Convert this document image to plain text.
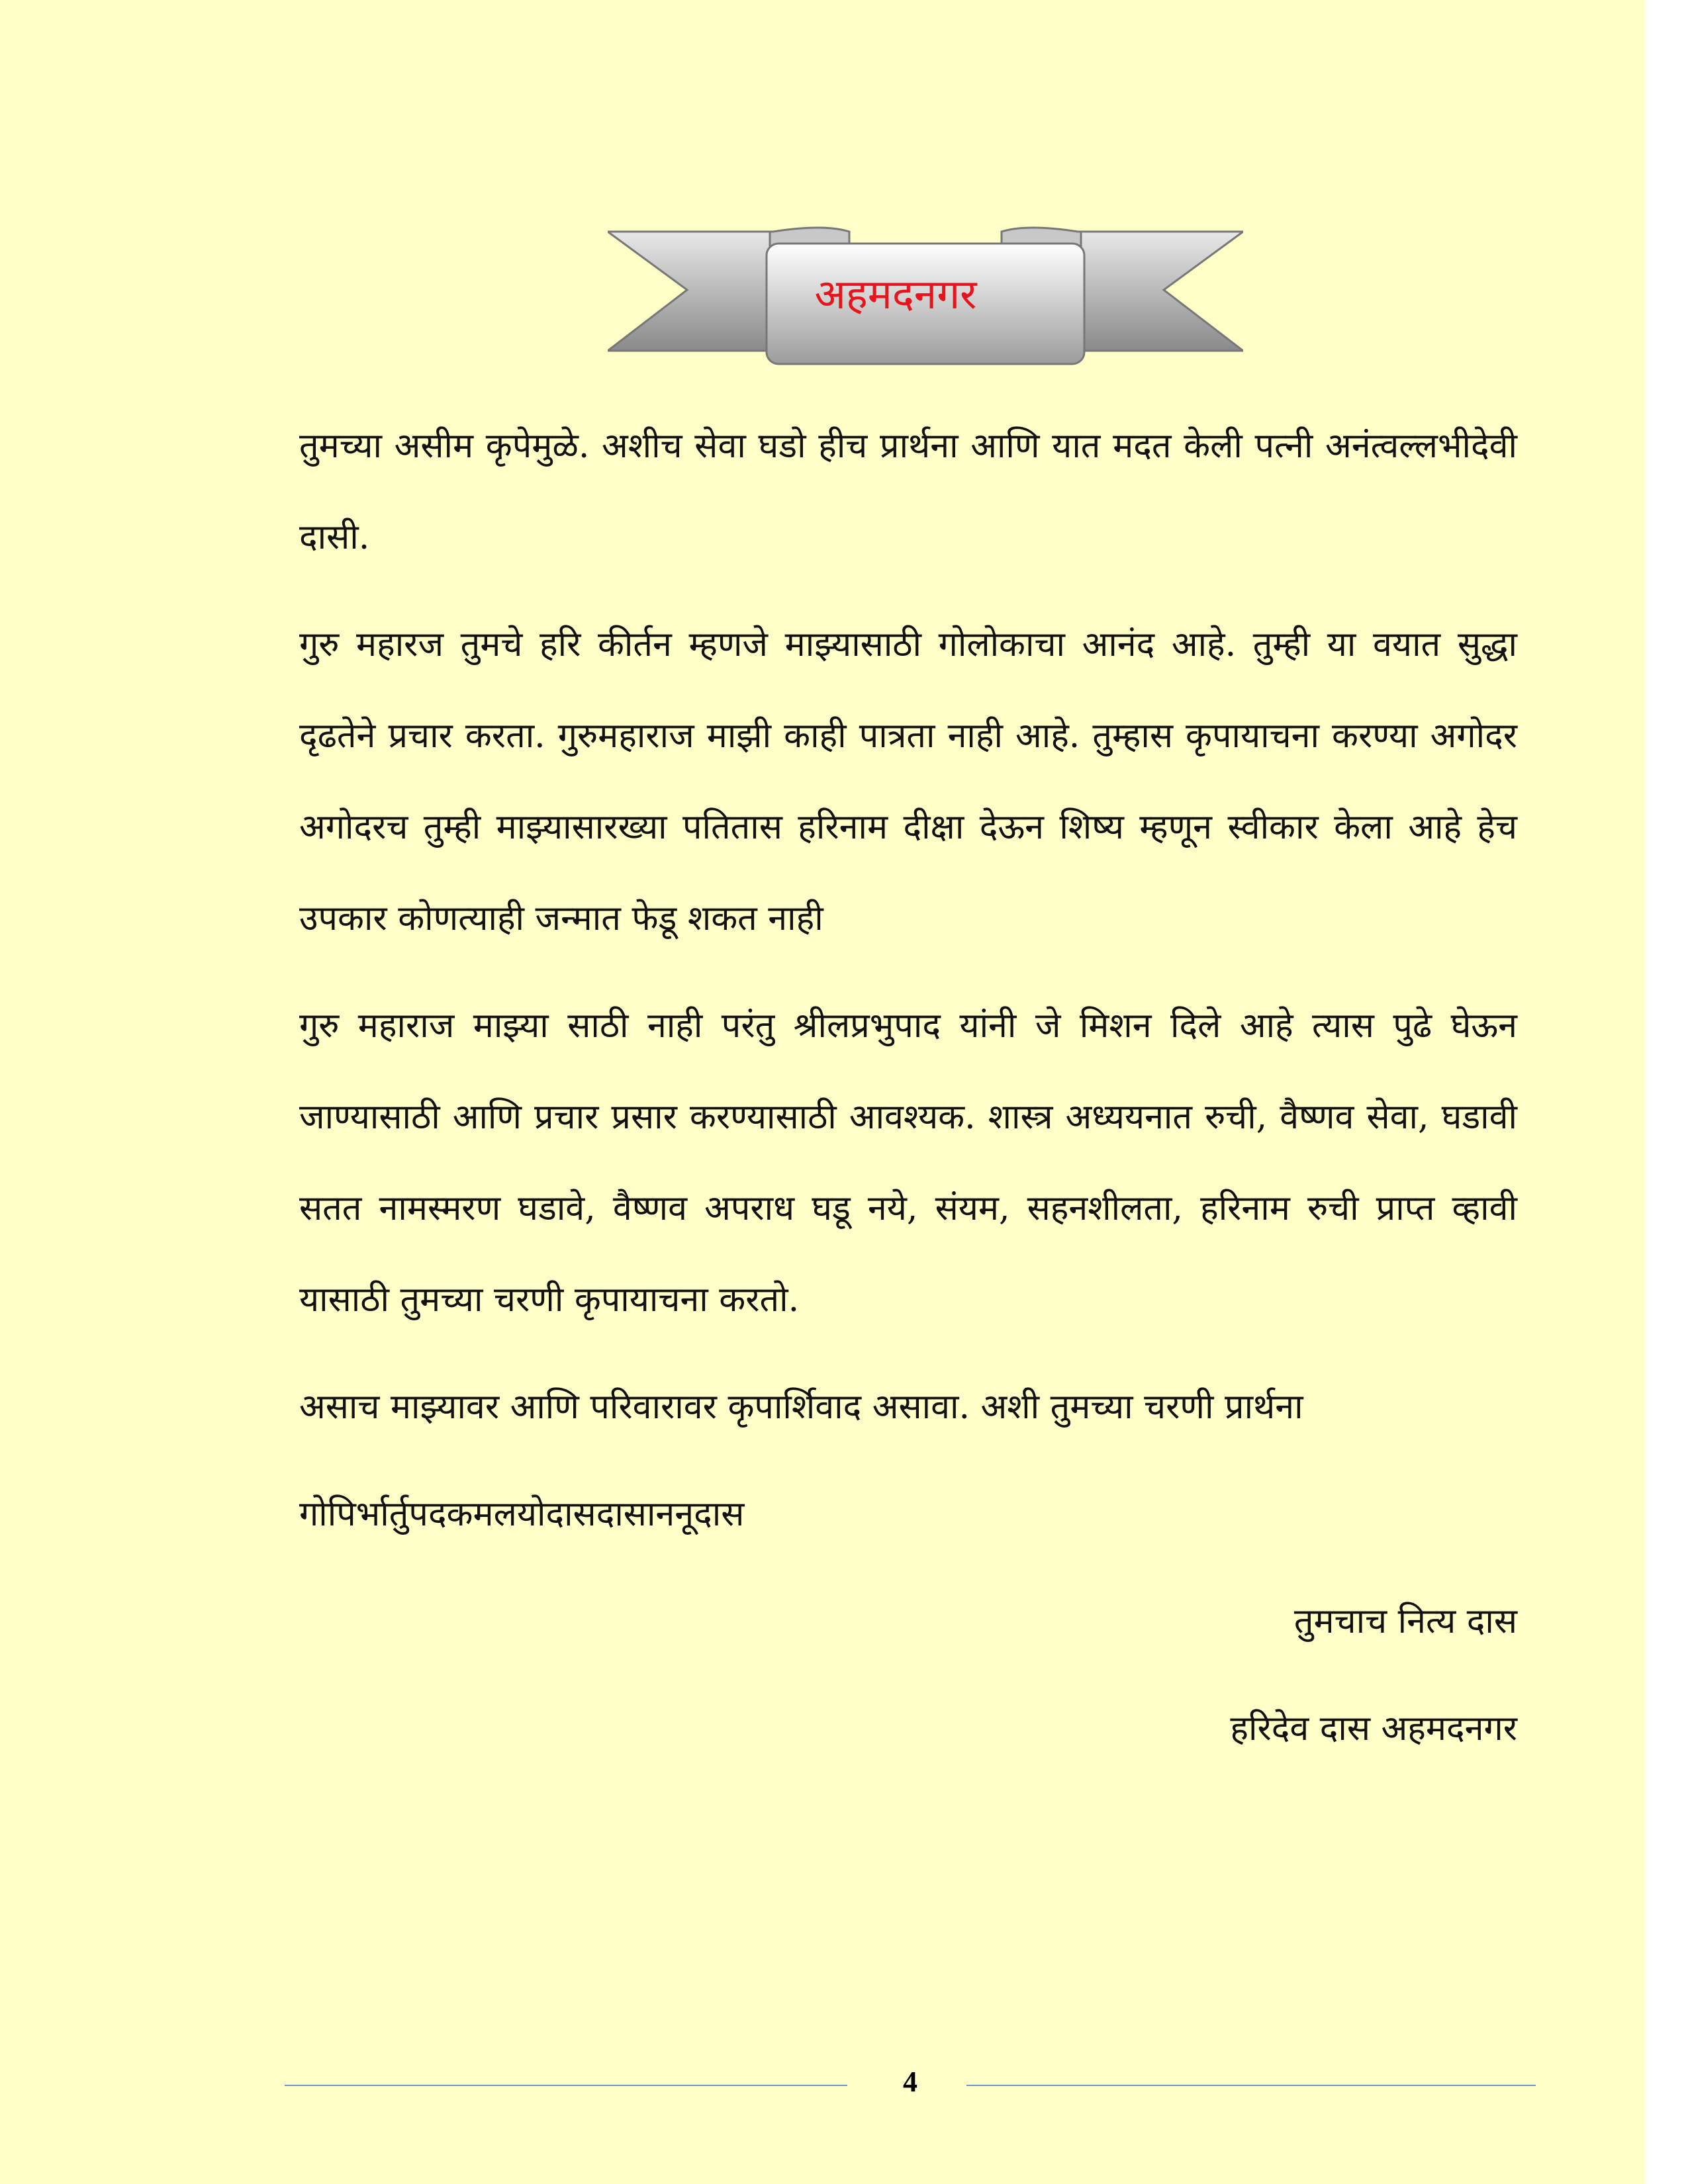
अहमदनगर

तुमच्या असीम कृपेमुळे. अशीच सेवा घडो हीच प्रार्थना आणि यात मदत केली पत्नी अनंत्वल्लभीदेवी दासी.

गुरु महारज तुमचे हरि कीर्तन म्हणजे माझ्यासाठी गोलोकाचा आनंद आहे. तुम्ही या वयात सुद्धा दृढतेने प्रचार करता. गुरुमहाराज माझी काही पात्रता नाही आहे. तुम्हास कृपायाचना करण्या अगोदर अगोदरच तुम्ही माझ्यासारख्या पतितास हरिनाम दीक्षा देऊन शिष्य म्हणून स्वीकार केला आहे हेच उपकार कोणत्याही जन्मात फेडू शकत नाही

गुरु महाराज माझ्या साठी नाही परंतु श्रीलप्रभुपाद यांनी जे मिशन दिले आहे त्यास पुढे घेऊन जाण्यासाठी आणि प्रचार प्रसार करण्यासाठी आवश्यक. शास्त्र अध्ययनात रुची, वैष्णव सेवा, घडावी सतत नामस्मरण घडावे, वैष्णव अपराध घडू नये, संयम, सहनशीलता, हरिनाम रुची प्राप्त व्हावी यासाठी तुमच्या चरणी कृपायाचना करतो.

असाच माझ्यावर आणि परिवारावर कृपार्शिवाद असावा. अशी तुमच्या चरणी प्रार्थना

गोपिर्भार्तुपदकमलयोदासदासाननूदास

तुमचाच नित्य दास

हरिदेव दास अहमदनगर

4
